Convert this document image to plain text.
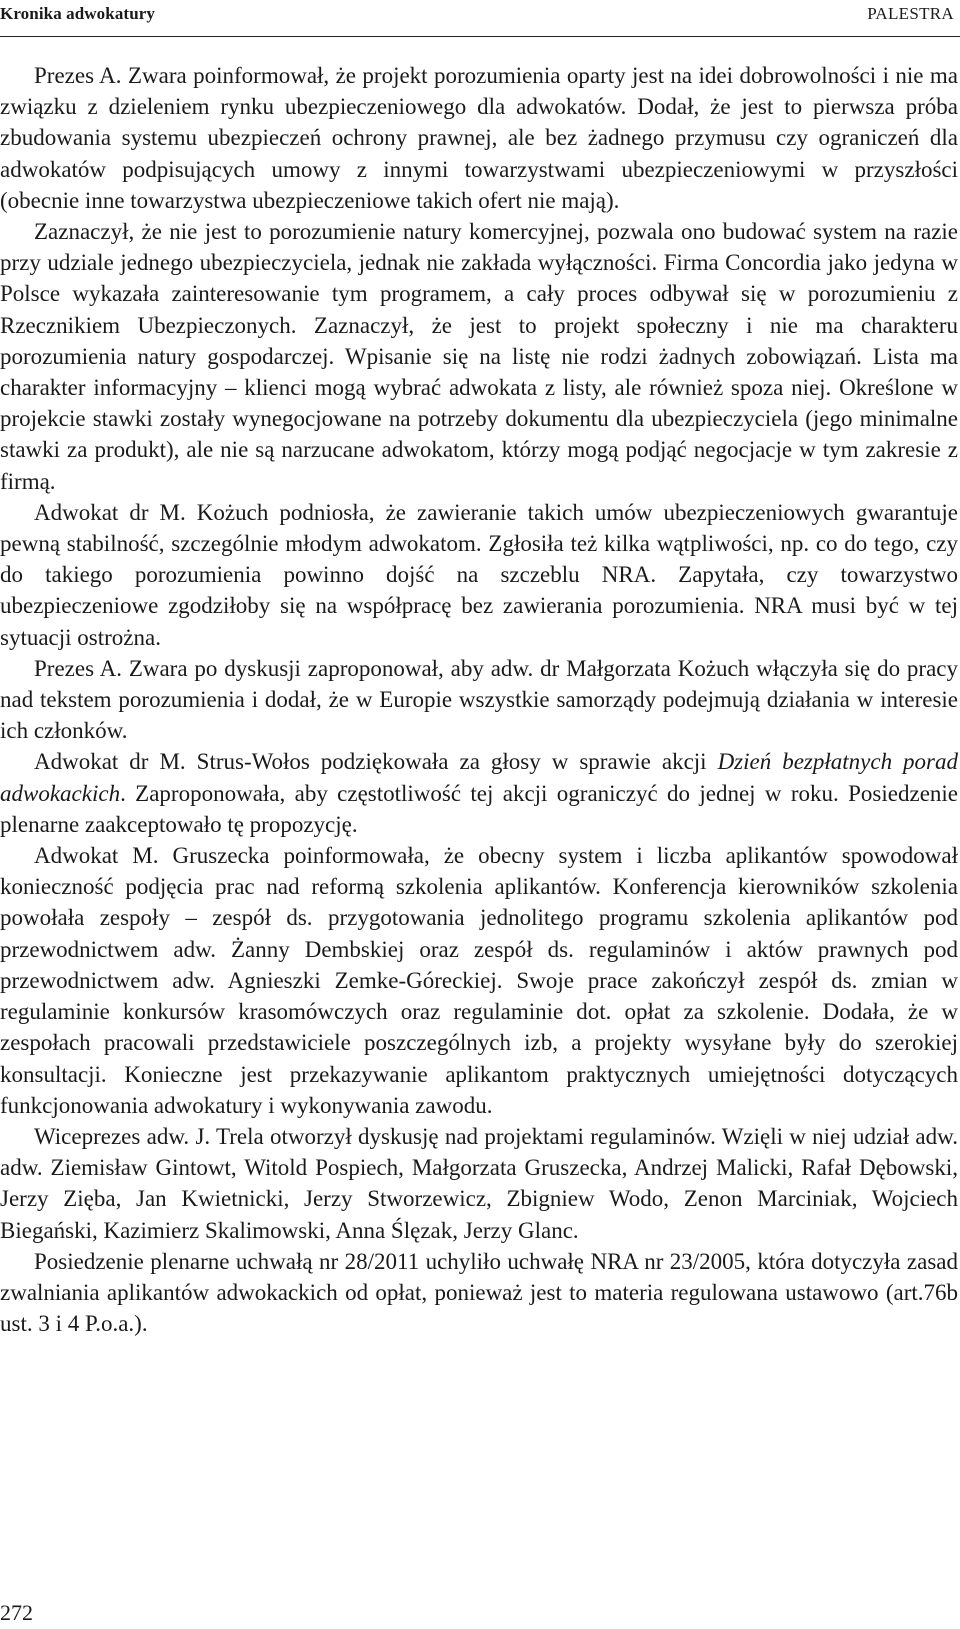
Kronika adwokatury	PALESTRA

Prezes A. Zwara poinformował, że projekt porozumienia oparty jest na idei dobrowolności i nie ma związku z dzieleniem rynku ubezpieczeniowego dla adwokatów. Dodał, że jest to pierwsza próba zbudowania systemu ubezpieczeń ochrony prawnej, ale bez żadnego przymusu czy ograniczeń dla adwokatów podpisujących umowy z innymi towarzystwami ubezpieczeniowymi w przyszłości (obecnie inne towarzystwa ubezpieczeniowe takich ofert nie mają).

Zaznaczył, że nie jest to porozumienie natury komercyjnej, pozwala ono budować system na razie przy udziale jednego ubezpieczyciela, jednak nie zakłada wyłączności. Firma Concordia jako jedyna w Polsce wykazała zainteresowanie tym programem, a cały proces odbywał się w porozumieniu z Rzecznikiem Ubezpieczonych. Zaznaczył, że jest to projekt społeczny i nie ma charakteru porozumienia natury gospodarczej. Wpisanie się na listę nie rodzi żadnych zobowiązań. Lista ma charakter informacyjny – klienci mogą wybrać adwokata z listy, ale również spoza niej. Określone w projekcie stawki zostały wynegocjowane na potrzeby dokumentu dla ubezpieczyciela (jego minimalne stawki za produkt), ale nie są narzucane adwokatom, którzy mogą podjąć negocjacje w tym zakresie z firmą.

Adwokat dr M. Kożuch podniosła, że zawieranie takich umów ubezpieczeniowych gwarantuje pewną stabilność, szczególnie młodym adwokatom. Zgłosiła też kilka wątpliwości, np. co do tego, czy do takiego porozumienia powinno dojść na szczeblu NRA. Zapytała, czy towarzystwo ubezpieczeniowe zgodziłoby się na współpracę bez zawierania porozumienia. NRA musi być w tej sytuacji ostrożna.

Prezes A. Zwara po dyskusji zaproponował, aby adw. dr Małgorzata Kożuch włączyła się do pracy nad tekstem porozumienia i dodał, że w Europie wszystkie samorządy podejmują działania w interesie ich członków.

Adwokat dr M. Strus-Wołos podziękowała za głosy w sprawie akcji Dzień bezpłatnych porad adwokackich. Zaproponowała, aby częstotliwość tej akcji ograniczyć do jednej w roku. Posiedzenie plenarne zaakceptowało tę propozycję.

Adwokat M. Gruszecka poinformowała, że obecny system i liczba aplikantów spowodował konieczność podjęcia prac nad reformą szkolenia aplikantów. Konferencja kierowników szkolenia powołała zespoły – zespół ds. przygotowania jednolitego programu szkolenia aplikantów pod przewodnictwem adw. Żanny Dembskiej oraz zespół ds. regulaminów i aktów prawnych pod przewodnictwem adw. Agnieszki Zemke-Góreckiej. Swoje prace zakończył zespół ds. zmian w regulaminie konkursów krasomówczych oraz regulaminie dot. opłat za szkolenie. Dodała, że w zespołach pracowali przedstawiciele poszczególnych izb, a projekty wysyłane były do szerokiej konsultacji. Konieczne jest przekazywanie aplikantom praktycznych umiejętności dotyczących funkcjonowania adwokatury i wykonywania zawodu.

Wiceprezes adw. J. Trela otworzył dyskusję nad projektami regulaminów. Wzięli w niej udział adw. adw. Ziemisław Gintowt, Witold Pospiech, Małgorzata Gruszecka, Andrzej Malicki, Rafał Dębowski, Jerzy Zięba, Jan Kwietnicki, Jerzy Stworzewicz, Zbigniew Wodo, Zenon Marciniak, Wojciech Biegański, Kazimierz Skalimowski, Anna Ślęzak, Jerzy Glanc.

Posiedzenie plenarne uchwałą nr 28/2011 uchyliło uchwałę NRA nr 23/2005, która dotyczyła zasad zwalniania aplikantów adwokackich od opłat, ponieważ jest to materia regulowana ustawowo (art.76b ust. 3 i 4 P.o.a.).

272
